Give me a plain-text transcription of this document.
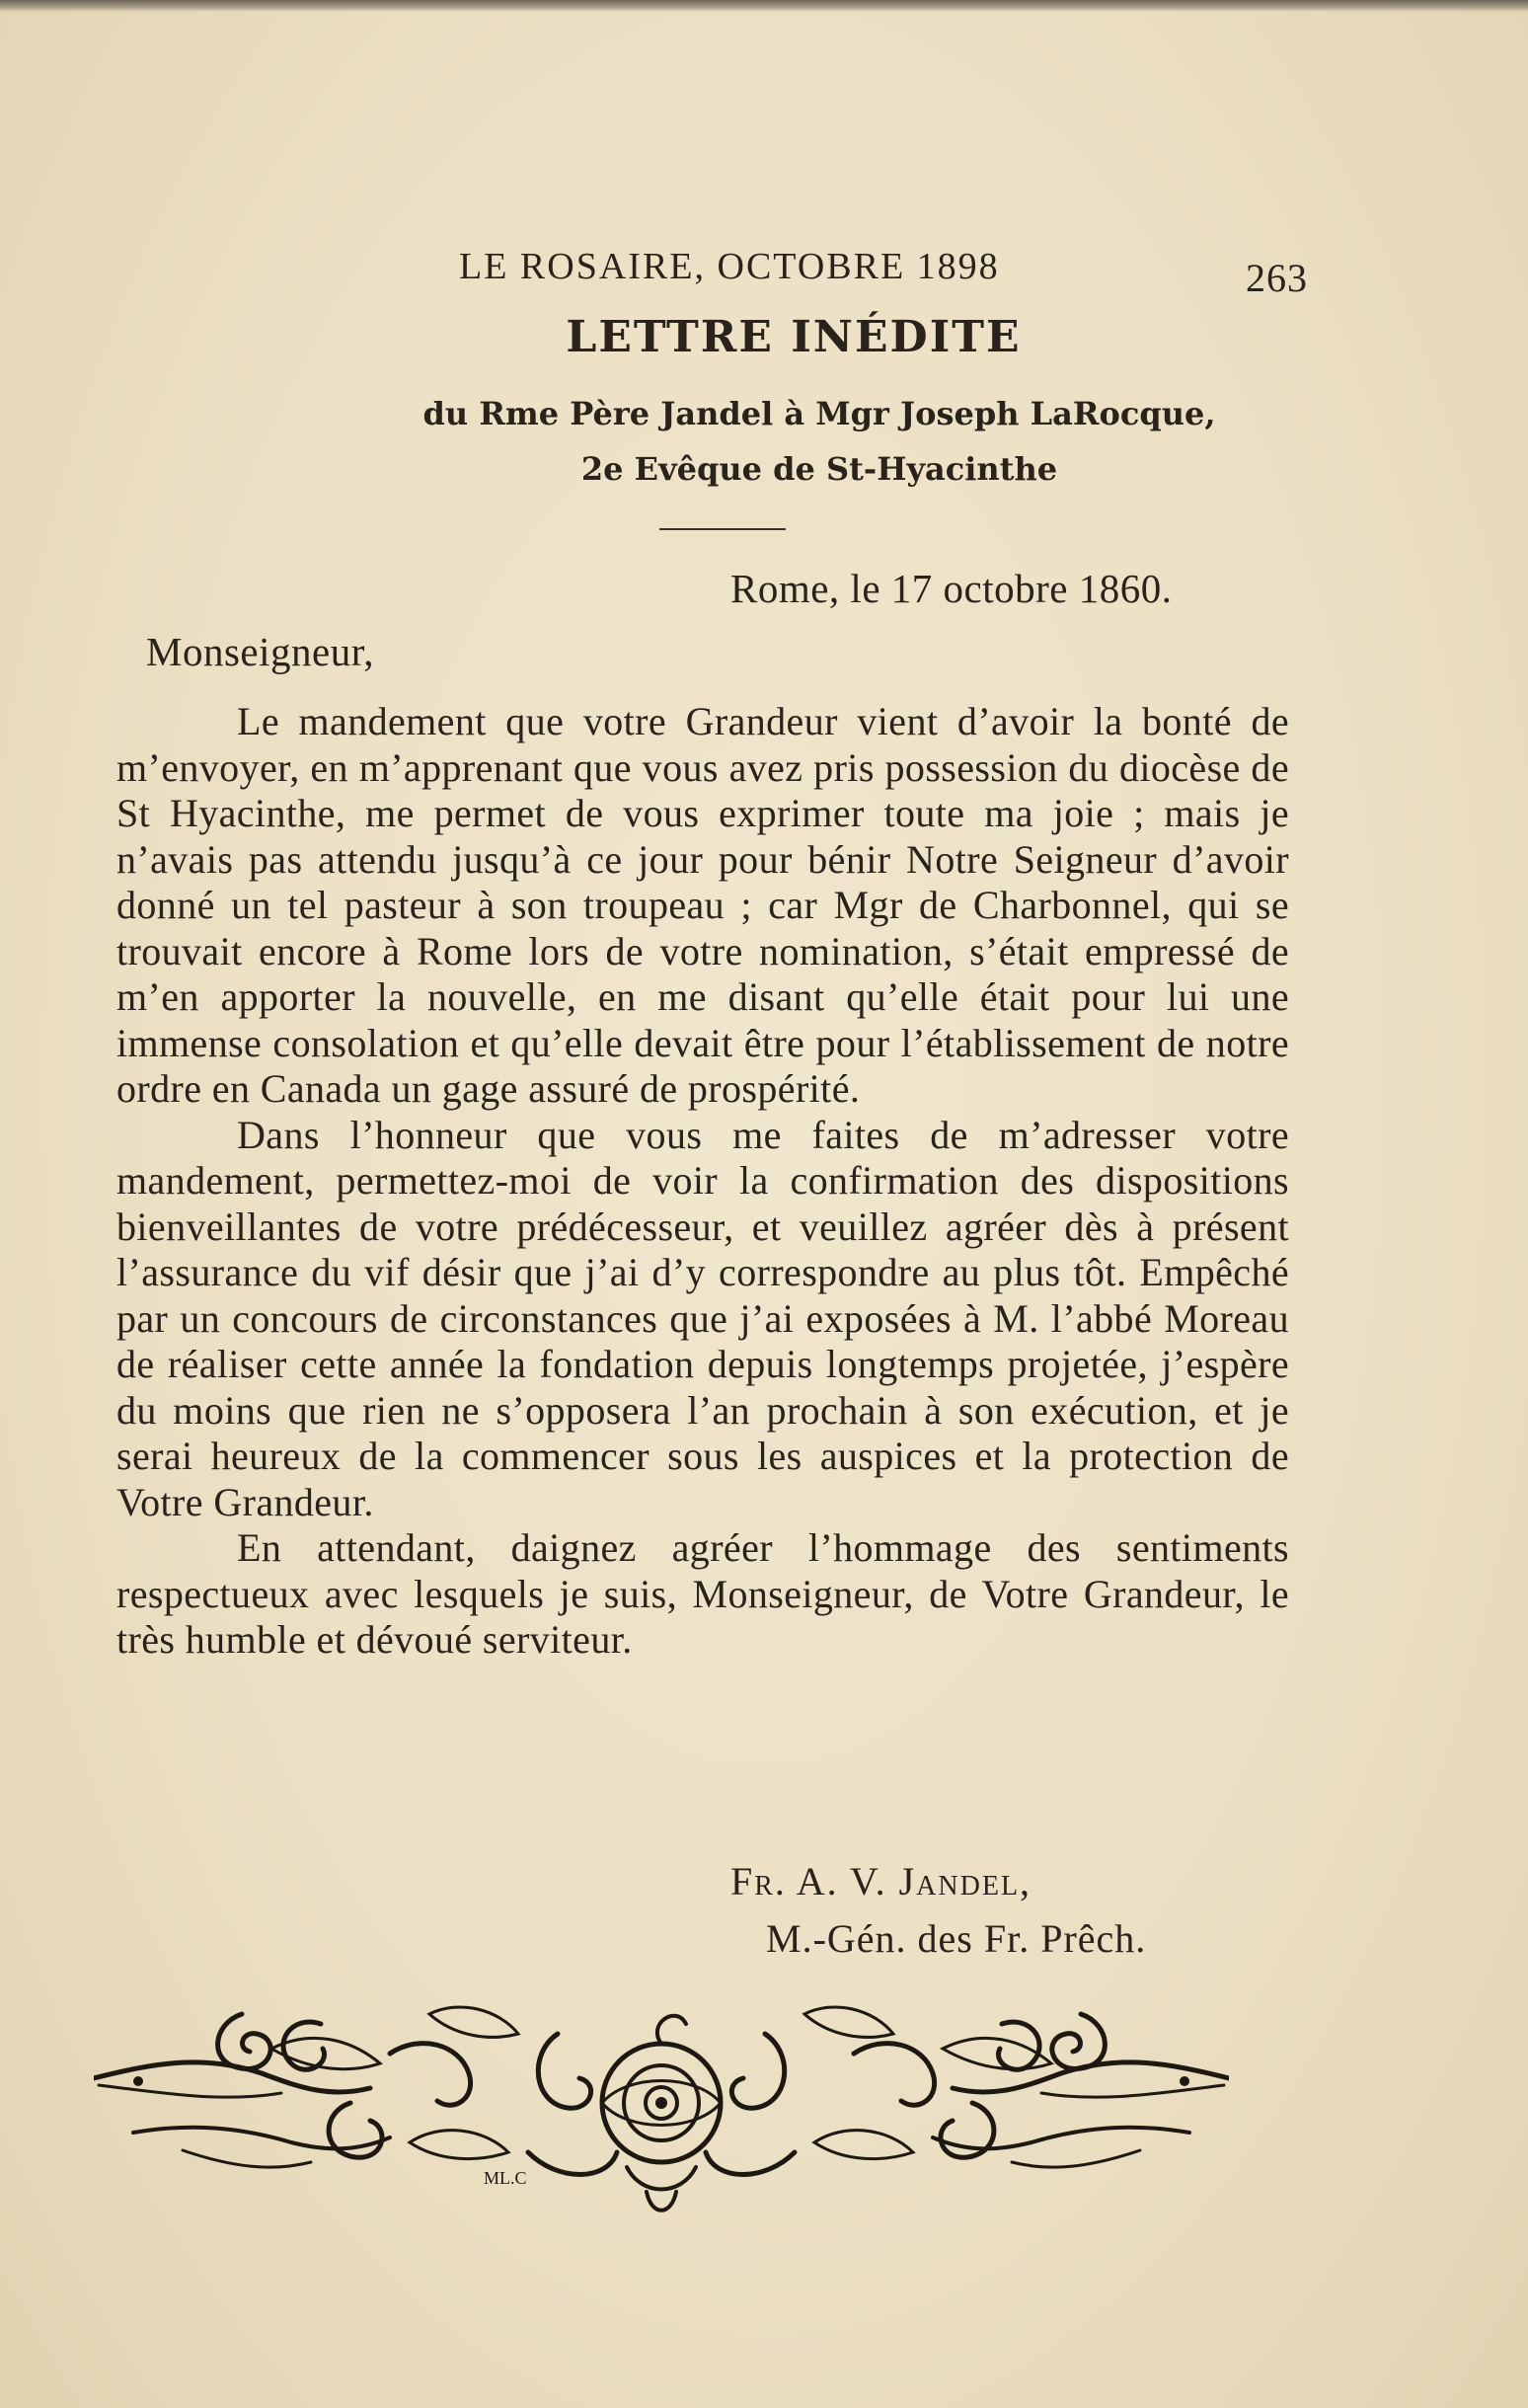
LE ROSAIRE, OCTOBRE 1898	263
LETTRE INÉDITE
du Rme Père Jandel à Mgr Joseph LaRocque,
2e Evêque de St-Hyacinthe
Rome, le 17 octobre 1860.
Monseigneur,

Le mandement que votre Grandeur vient d’avoir la bonté de m’envoyer, en m’apprenant que vous avez pris possession du diocèse de St Hyacinthe, me permet de vous exprimer toute ma joie ; mais je n’avais pas attendu jusqu’à ce jour pour bénir Notre Seigneur d’avoir donné un tel pasteur à son troupeau ; car Mgr de Charbonnel, qui se trouvait encore à Rome lors de votre nomination, s’était empressé de m’en apporter la nouvelle, en me disant qu’elle était pour lui une immense consolation et qu’elle devait être pour l’établissement de notre ordre en Canada un gage assuré de prospérité.

Dans l’honneur que vous me faites de m’adresser votre mandement, permettez-moi de voir la confirmation des dispositions bienveillantes de votre prédécesseur, et veuillez agréer dès à présent l’assurance du vif désir que j’ai d’y correspondre au plus tôt. Empêché par un concours de circonstances que j’ai exposées à M. l’abbé Moreau de réaliser cette année la fondation depuis longtemps projetée, j’espère du moins que rien ne s’opposera l’an prochain à son exécution, et je serai heureux de la commencer sous les auspices et la protection de Votre Grandeur.

En attendant, daignez agréer l’hommage des sentiments respectueux avec lesquels je suis, Monseigneur, de Votre Grandeur, le très humble et dévoué serviteur.

Fr. A. V. Jandel,
M.-Gén. des Fr. Prêch.
ML.C
